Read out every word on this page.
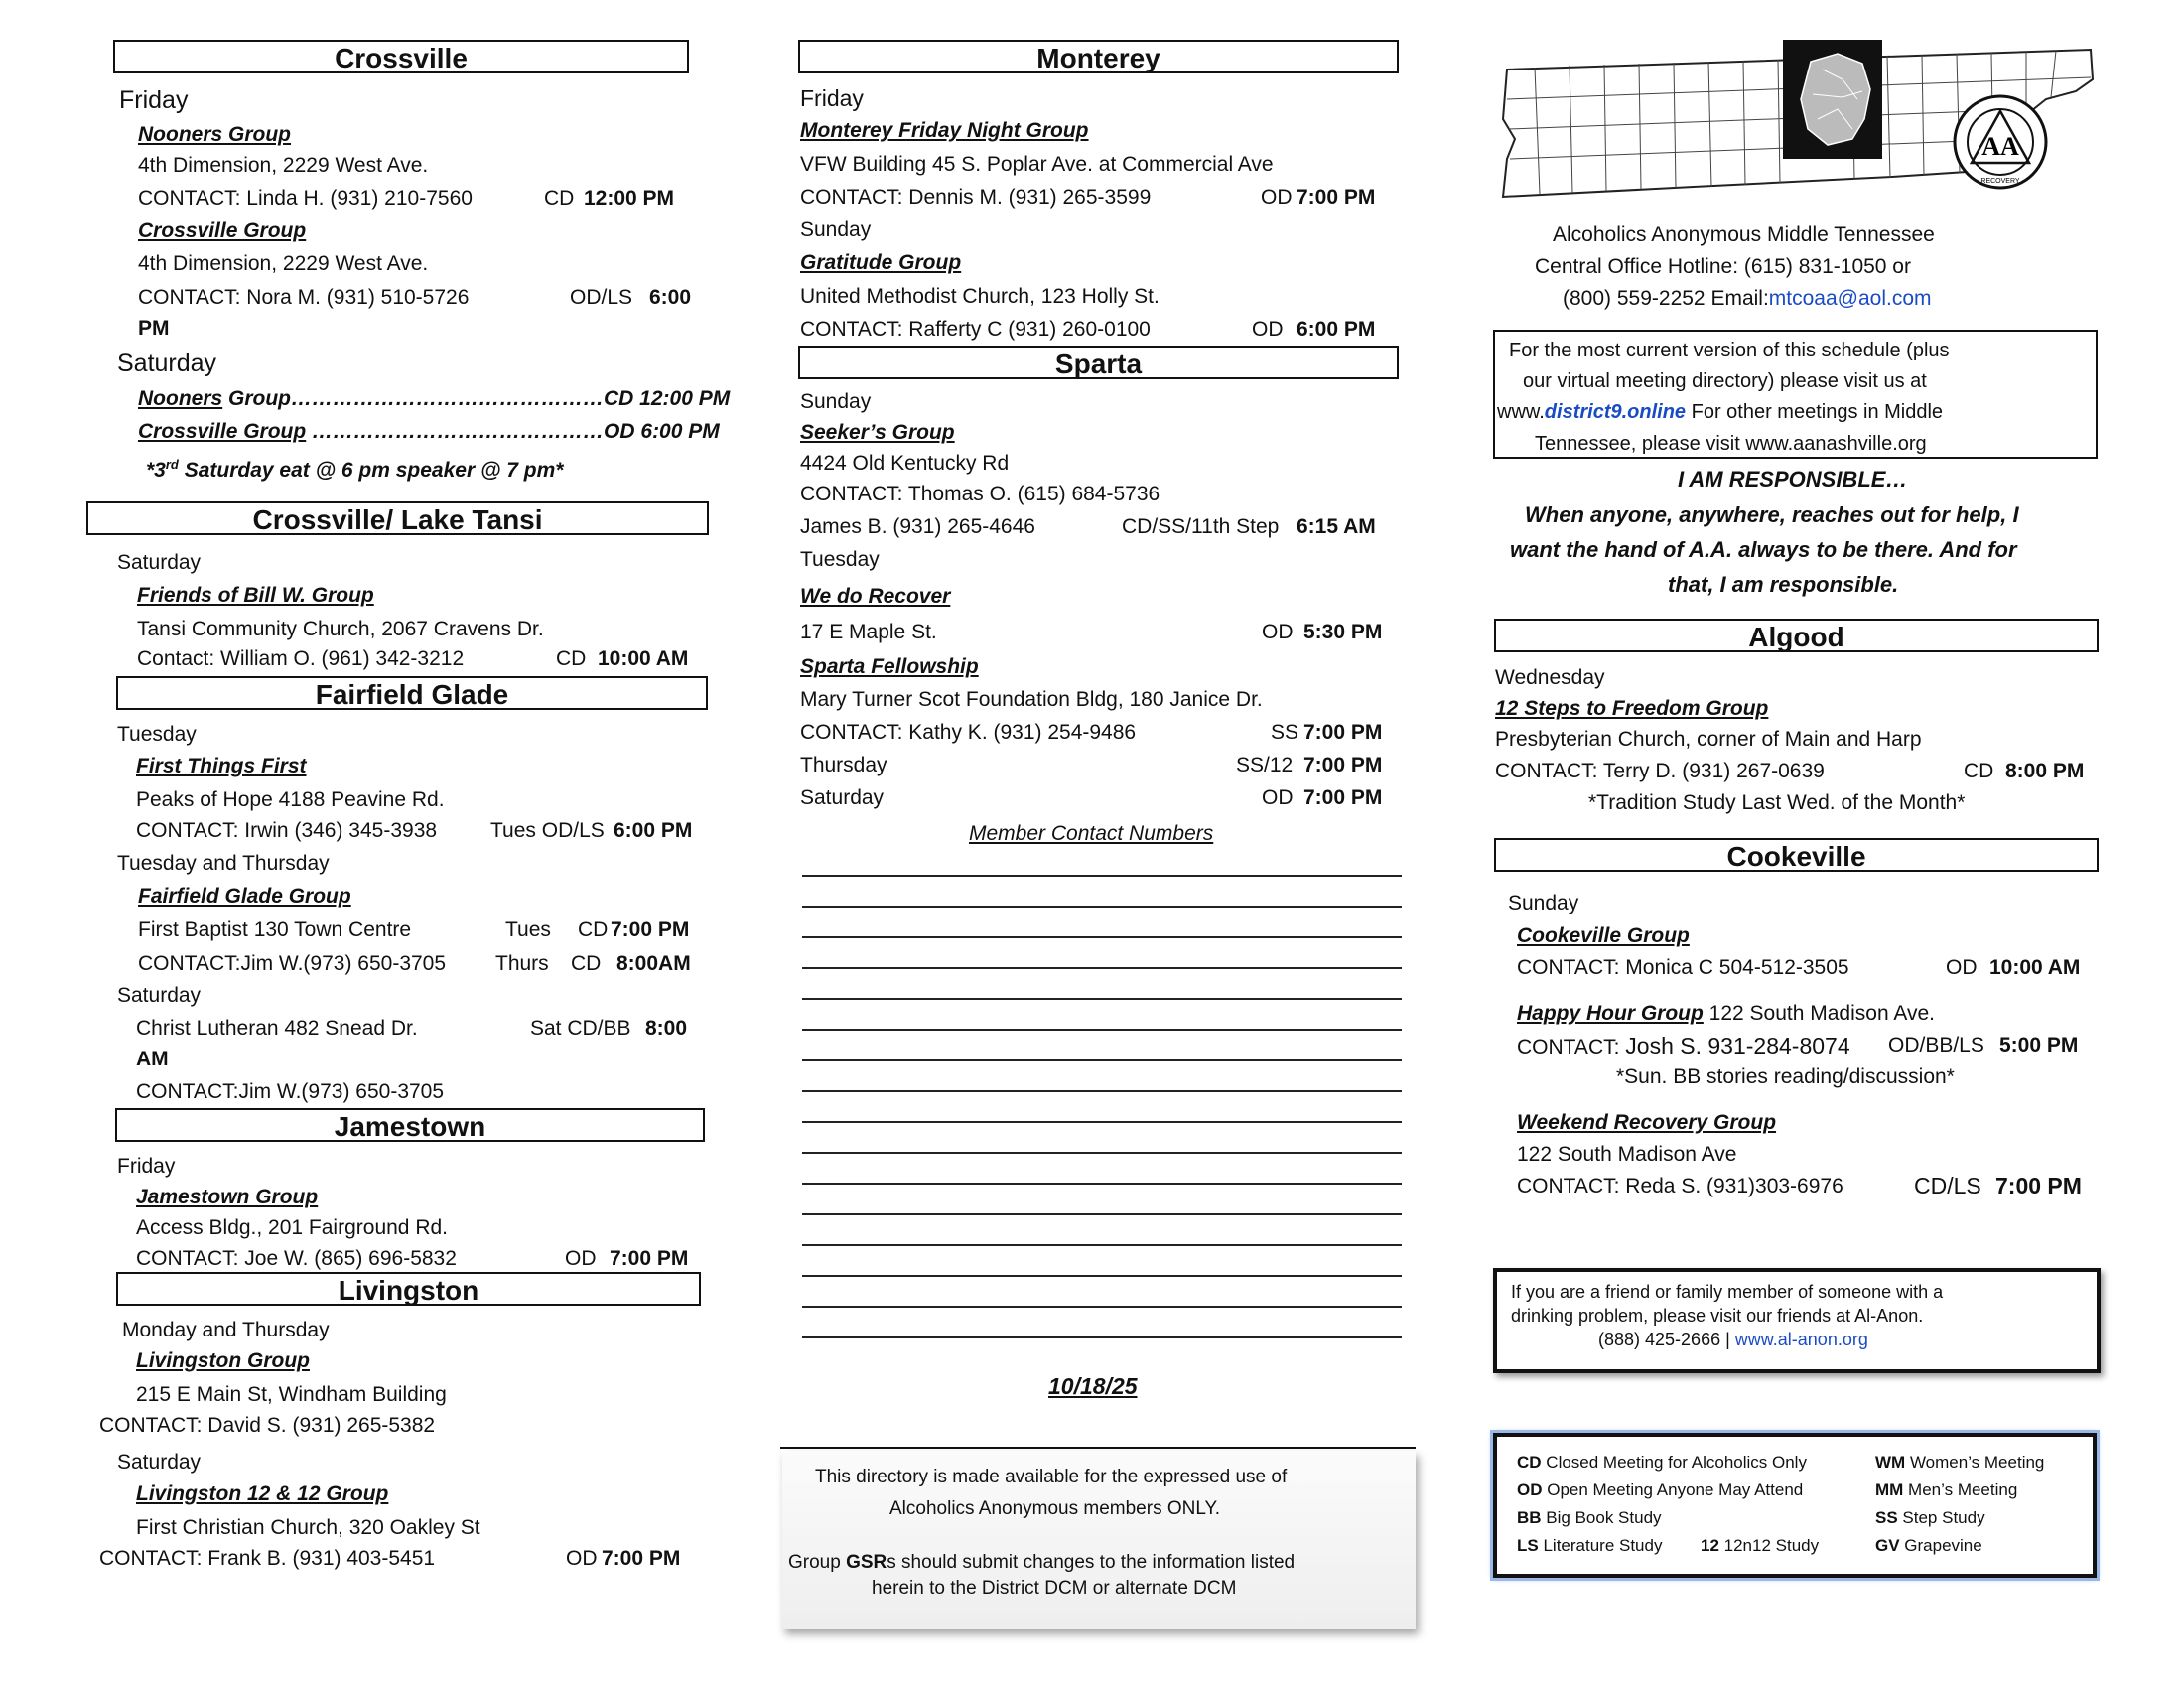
Crossville
Friday
Nooners Group
4th Dimension, 2229 West Ave.
CONTACT: Linda H. (931) 210-7560	CD 12:00 PM
Crossville Group
4th Dimension, 2229 West Ave.
CONTACT: Nora M. (931) 510-5726	OD/LS 6:00
PM
Saturday
Nooners Group………………………………………CD 12:00 PM
Crossville Group ……………………………………OD 6:00 PM
*3rd Saturday eat @ 6 pm speaker @ 7 pm*
Crossville/ Lake Tansi
Saturday
Friends of Bill W. Group
Tansi Community Church, 2067 Cravens Dr.
Contact: William O. (961) 342-3212	CD 10:00 AM
Fairfield Glade
Tuesday
First Things First
Peaks of Hope 4188 Peavine Rd.
CONTACT: Irwin (346) 345-3938	Tues OD/LS 6:00 PM
Tuesday and Thursday
Fairfield Glade Group
First Baptist 130 Town Centre	Tues CD 7:00 PM
CONTACT:Jim W.(973) 650-3705 Thurs CD 8:00AM
Saturday
Christ Lutheran 482 Snead Dr.	Sat CD/BB 8:00
AM
CONTACT:Jim W.(973) 650-3705
Jamestown
Friday
Jamestown Group
Access Bldg., 201 Fairground Rd.
CONTACT: Joe W. (865) 696-5832	OD 7:00 PM
Livingston
Monday and Thursday
Livingston Group
215 E Main St, Windham Building
CONTACT: David S. (931) 265-5382
Saturday
Livingston 12 & 12 Group
First Christian Church, 320 Oakley St
CONTACT: Frank B. (931) 403-5451	OD 7:00 PM
Monterey
Friday
Monterey Friday Night Group
VFW Building 45 S. Poplar Ave. at Commercial Ave
CONTACT: Dennis M. (931) 265-3599	OD 7:00 PM
Sunday
Gratitude Group
United Methodist Church, 123 Holly St.
CONTACT: Rafferty C (931) 260-0100	OD 6:00 PM
Sparta
Sunday
Seeker’s Group
4424 Old Kentucky Rd
CONTACT: Thomas O. (615) 684-5736
James B. (931) 265-4646	CD/SS/11th Step 6:15 AM
Tuesday
We do Recover
17 E Maple St.	OD 5:30 PM
Sparta Fellowship
Mary Turner Scot Foundation Bldg, 180 Janice Dr.
CONTACT: Kathy K. (931) 254-9486	SS 7:00 PM
Thursday	SS/12 7:00 PM
Saturday	OD 7:00 PM
Member Contact Numbers
10/18/25
This directory is made available for the expressed use of
Alcoholics Anonymous members ONLY.
Group GSRs should submit changes to the information listed
herein to the District DCM or alternate DCM
AA
RECOVERY
Alcoholics Anonymous Middle Tennessee
Central Office Hotline: (615) 831-1050 or
(800) 559-2252 Email:mtcoaa@aol.com
For the most current version of this schedule (plus
our virtual meeting directory) please visit us at
www.district9.online For other meetings in Middle
Tennessee, please visit www.aanashville.org
I AM RESPONSIBLE…
When anyone, anywhere, reaches out for help, I
want the hand of A.A. always to be there. And for
that, I am responsible.
Algood
Wednesday
12 Steps to Freedom Group
Presbyterian Church, corner of Main and Harp
CONTACT: Terry D. (931) 267-0639	CD 8:00 PM
*Tradition Study Last Wed. of the Month*
Cookeville
Sunday
Cookeville Group
CONTACT: Monica C 504-512-3505	OD 10:00 AM
Happy Hour Group 122 South Madison Ave.
CONTACT: Josh S. 931-284-8074 OD/BB/LS 5:00 PM
*Sun. BB stories reading/discussion*
Weekend Recovery Group
122 South Madison Ave
CONTACT: Reda S. (931)303-6976	CD/LS 7:00 PM
If you are a friend or family member of someone with a
drinking problem, please visit our friends at Al-Anon.
(888) 425-2666 | www.al-anon.org
CD Closed Meeting for Alcoholics Only
OD Open Meeting Anyone May Attend
BB Big Book Study
LS Literature Study 12 12n12 Study
WM Women’s Meeting
MM Men’s Meeting
SS Step Study
GV Grapevine
